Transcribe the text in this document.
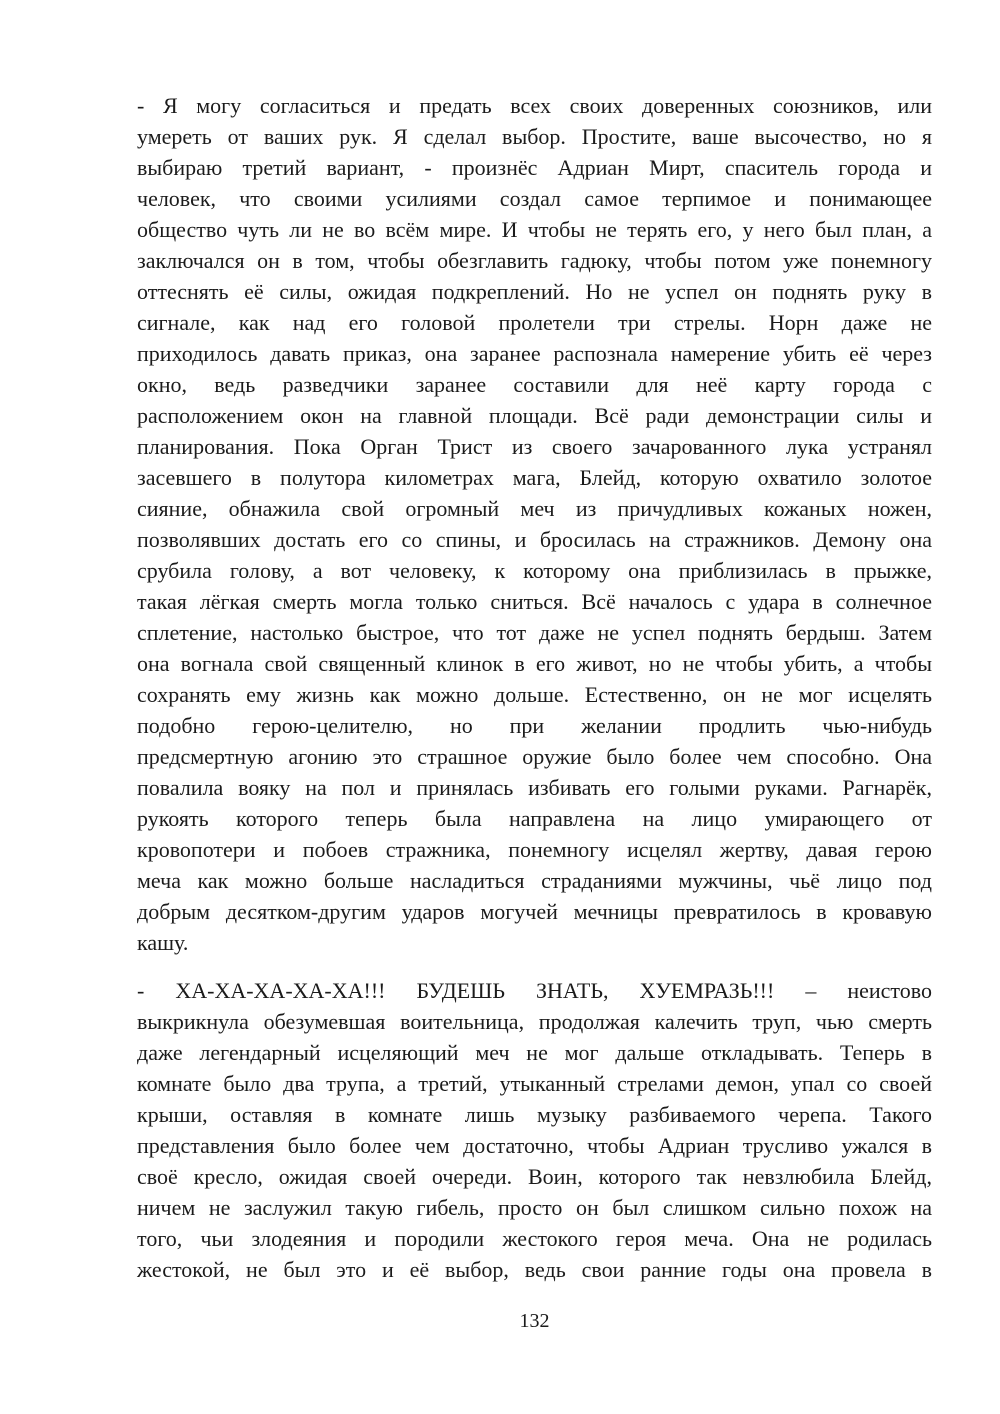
- Я могу согласиться и предать всех своих доверенных союзников, или
умереть от ваших рук. Я сделал выбор. Простите, ваше высочество, но я
выбираю третий вариант, - произнёс Адриан Мирт, спаситель города и
человек, что своими усилиями создал самое терпимое и понимающее
общество чуть ли не во всём мире. И чтобы не терять его, у него был план, а
заключался он в том, чтобы обезглавить гадюку, чтобы потом уже понемногу
оттеснять её силы, ожидая подкреплений. Но не успел он поднять руку в
сигнале, как над его головой пролетели три стрелы. Норн даже не
приходилось давать приказ, она заранее распознала намерение убить её через
окно, ведь разведчики заранее составили для неё карту города с
расположением окон на главной площади. Всё ради демонстрации силы и
планирования. Пока Орган Трист из своего зачарованного лука устранял
засевшего в полутора километрах мага, Блейд, которую охватило золотое
сияние, обнажила свой огромный меч из причудливых кожаных ножен,
позволявших достать его со спины, и бросилась на стражников. Демону она
срубила голову, а вот человеку, к которому она приблизилась в прыжке,
такая лёгкая смерть могла только сниться. Всё началось с удара в солнечное
сплетение, настолько быстрое, что тот даже не успел поднять бердыш. Затем
она вогнала свой священный клинок в его живот, но не чтобы убить, а чтобы
сохранять ему жизнь как можно дольше. Естественно, он не мог исцелять
подобно герою-целителю, но при желании продлить чью-нибудь
предсмертную агонию это страшное оружие было более чем способно. Она
повалила вояку на пол и принялась избивать его голыми руками. Рагнарёк,
рукоять которого теперь была направлена на лицо умирающего от
кровопотери и побоев стражника, понемногу исцелял жертву, давая герою
меча как можно больше насладиться страданиями мужчины, чьё лицо под
добрым десятком-другим ударов могучей мечницы превратилось в кровавую
кашу.
- ХА-ХА-ХА-ХА-ХА!!! БУДЕШЬ ЗНАТЬ, ХУЕМРАЗЬ!!! – неистово
выкрикнула обезумевшая воительница, продолжая калечить труп, чью смерть
даже легендарный исцеляющий меч не мог дальше откладывать. Теперь в
комнате было два трупа, а третий, утыканный стрелами демон, упал со своей
крыши, оставляя в комнате лишь музыку разбиваемого черепа. Такого
представления было более чем достаточно, чтобы Адриан трусливо ужался в
своё кресло, ожидая своей очереди. Воин, которого так невзлюбила Блейд,
ничем не заслужил такую гибель, просто он был слишком сильно похож на
того, чьи злодеяния и породили жестокого героя меча. Она не родилась
жестокой, не был это и её выбор, ведь свои ранние годы она провела в
132
